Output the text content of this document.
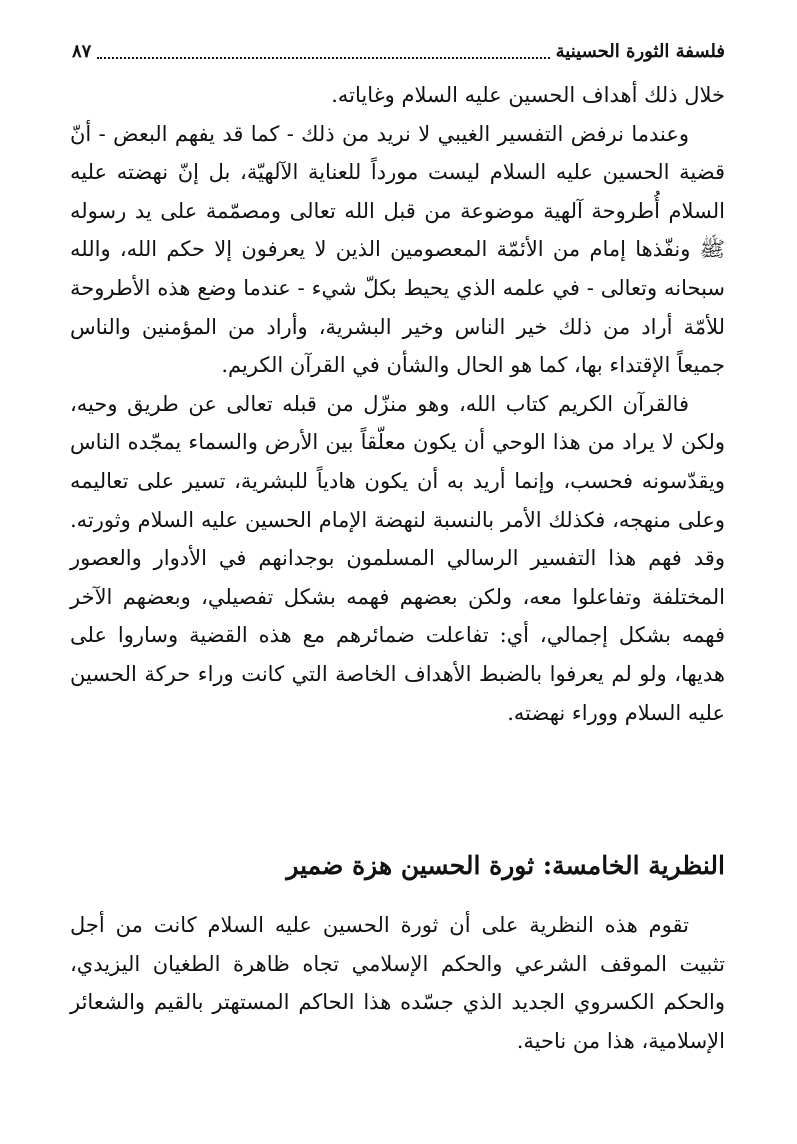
فلسفة الثورة الحسينية
٨٧

خلال ذلك أهداف الحسين عليه السلام وغاياته.

وعندما نرفض التفسير الغيبي لا نريد من ذلك - كما قد يفهم البعض - أنّ قضية الحسين عليه السلام ليست مورداً للعناية الآلهيّة، بل إنّ نهضته عليه السلام أُطروحة آلهية موضوعة من قبل الله تعالى ومصمّمة على يد رسوله ﷺ ونفّذها إمام من الأئمّة المعصومين الذين لا يعرفون إلا حكم الله، والله سبحانه وتعالى - في علمه الذي يحيط بكلّ شيء - عندما وضع هذه الأطروحة للأمّة أراد من ذلك خير الناس وخير البشرية، وأراد من المؤمنين والناس جميعاً الإقتداء بها، كما هو الحال والشأن في القرآن الكريم.

فالقرآن الكريم كتاب الله، وهو منزّل من قبله تعالى عن طريق وحيه، ولكن لا يراد من هذا الوحي أن يكون معلّقاً بين الأرض والسماء يمجّده الناس ويقدّسونه فحسب، وإنما أريد به أن يكون هادياً للبشرية، تسير على تعاليمه وعلى منهجه، فكذلك الأمر بالنسبة لنهضة الإمام الحسين عليه السلام وثورته. وقد فهم هذا التفسير الرسالي المسلمون بوجدانهم في الأدوار والعصور المختلفة وتفاعلوا معه، ولكن بعضهم فهمه بشكل تفصيلي، وبعضهم الآخر فهمه بشكل إجمالي، أي: تفاعلت ضمائرهم مع هذه القضية وساروا على هديها، ولو لم يعرفوا بالضبط الأهداف الخاصة التي كانت وراء حركة الحسين عليه السلام ووراء نهضته.

النظرية الخامسة: ثورة الحسين هزة ضمير

تقوم هذه النظرية على أن ثورة الحسين عليه السلام كانت من أجل تثبيت الموقف الشرعي والحكم الإسلامي تجاه ظاهرة الطغيان اليزيدي، والحكم الكسروي الجديد الذي جسّده هذا الحاكم المستهتر بالقيم والشعائر الإسلامية، هذا من ناحية.
